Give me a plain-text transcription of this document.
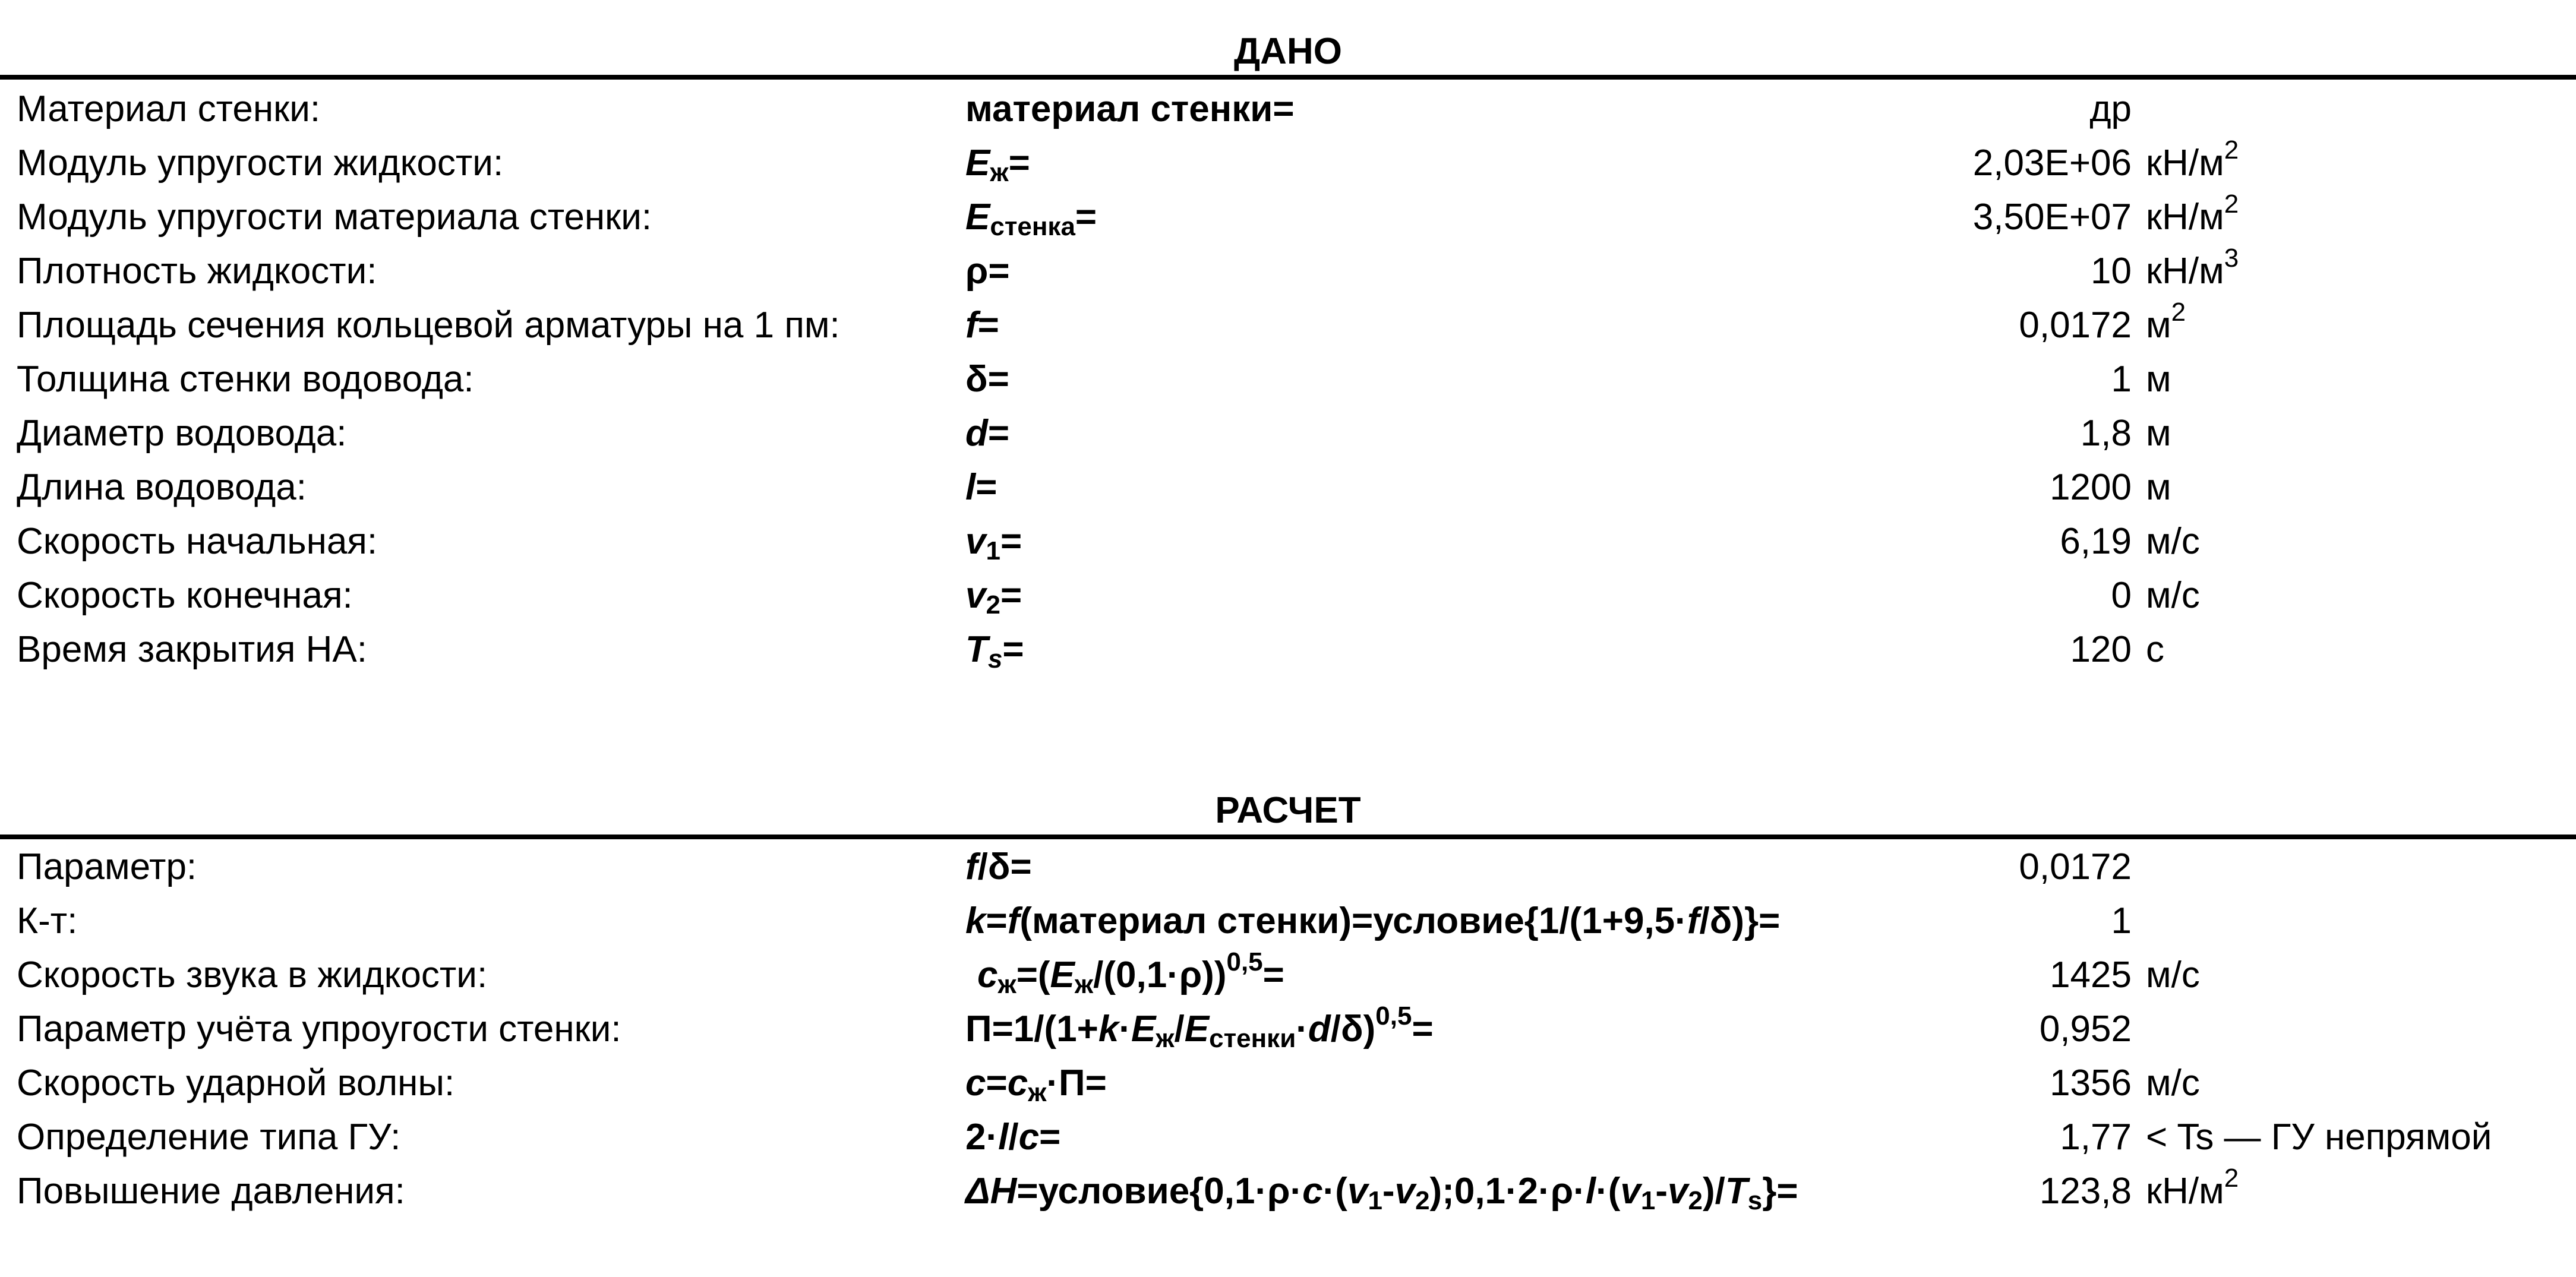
ДАНО
Материал стенки:	материал стенки=	др
Модуль упругости жидкости:	$E_ж=$	2,03E+06 $кН/м^2$
Модуль упругости материала стенки:	$E_{стенка}=$	3,50E+07 $кН/м^2$
Плотность жидкости:	ρ=	10 $кН/м^3$
Площадь сечения кольцевой арматуры на 1 пм:	f=	0,0172 $м^2$
Толщина стенки водовода:	δ=	1 м
Диаметр водовода:	d=	1,8 м
Длина водовода:	l=	1200 м
Скорость начальная:	$v_1=$	6,19 м/с
Скорость конечная:	$v_2=$	0 м/с
Время закрытия НА:	$T_s=$	120 с
РАСЧЕТ
Параметр:	f/δ=	0,0172
К-т:	k=f(материал стенки)=условие{1/(1+9,5·f/δ)}=	1
Скорость звука в жидкости:	$c_ж=(E_ж/(0,1\cdot\rho))^{0,5}=$	1425 м/с
Параметр учёта упроугости стенки:	$П=1/(1+k\cdot E_ж/E_{стенки}\cdot d/\delta)^{0,5}=$	0,952
Скорость ударной волны:	$c=c_ж\cdot П=$	1356 м/с
Определение типа ГУ:	2·l/c=	1,77 < Ts — ГУ непрямой
Повышение давления:	$\Delta H=условие\{0,1\cdot\rho\cdot c\cdot(v_1-v_2);0,1\cdot 2\cdot\rho\cdot l\cdot(v_1-v_2)/T_s\}=$	123,8 $кН/м^2$
